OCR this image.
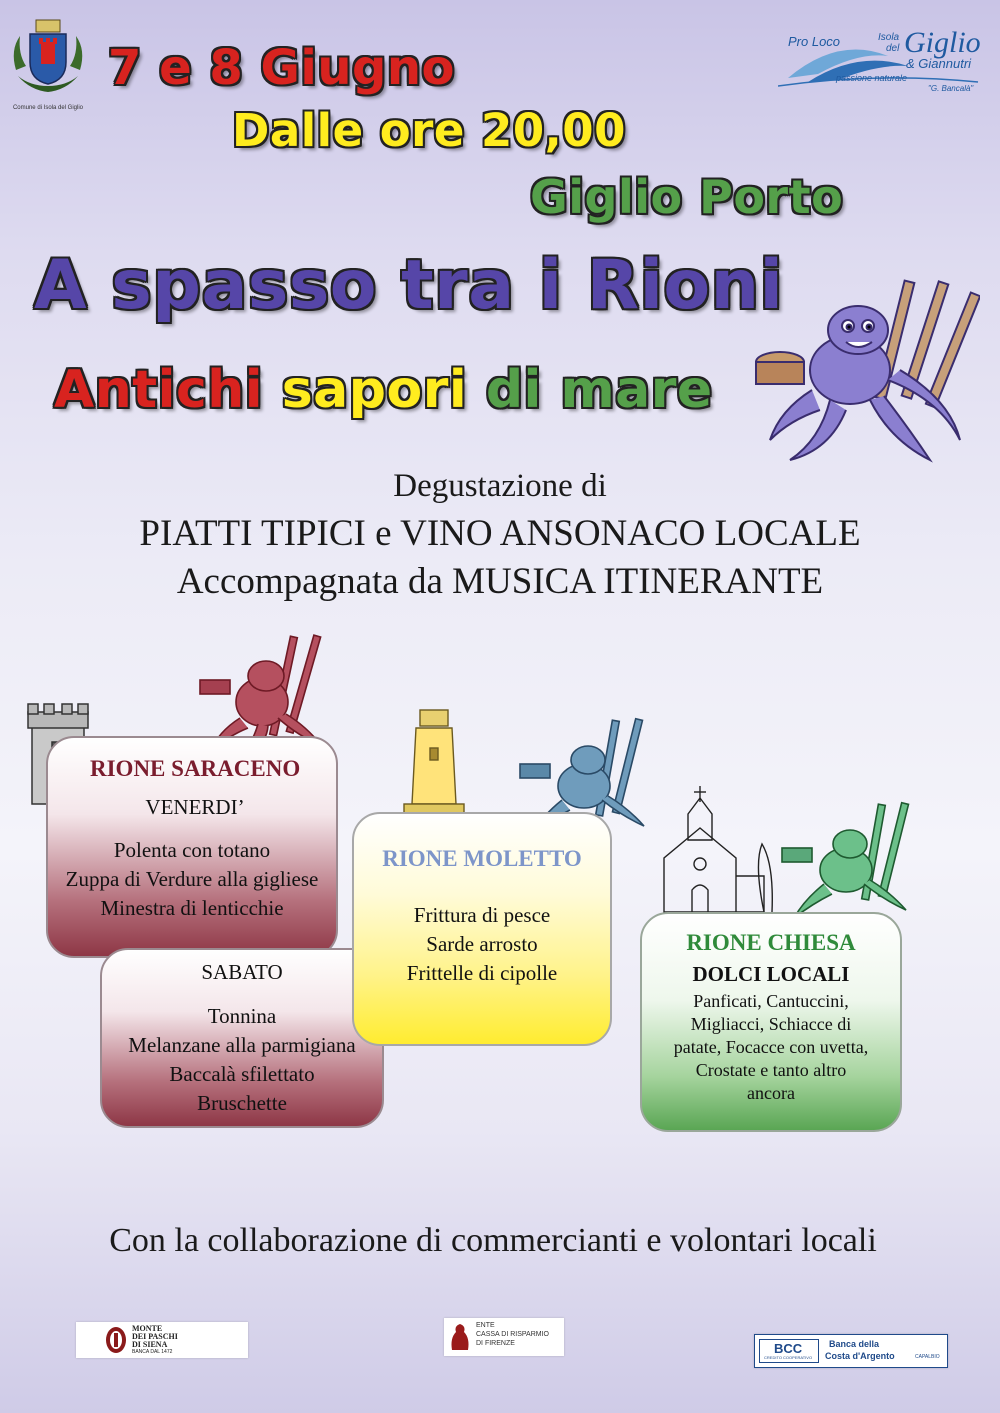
Comune di Isola del Giglio
Pro Loco	Isola
del Giglio
& Giannutri
passione naturale
"G. Bancalà"
7 e 8 Giugno
Dalle ore 20,00
Giglio Porto
A spasso tra i Rioni
Antichi sapori di mare
Degustazione di
PIATTI TIPICI e VINO ANSONACO LOCALE
Accompagnata da MUSICA ITINERANTE
RIONE SARACENO
VENERDI’
Polenta con totano
Zuppa di Verdure alla gigliese
Minestra di lenticchie
SABATO
Tonnina
Melanzane alla parmigiana
Baccalà sfilettato
Bruschette
RIONE MOLETTO
Frittura di pesce
Sarde arrosto
Frittelle di cipolle
RIONE CHIESA
DOLCI LOCALI
Panficati, Cantuccini,
Migliacci, Schiacce di
patate, Focacce con uvetta,
Crostate e tanto altro
ancora
Con la collaborazione di commercianti e volontari locali
MONTE
DEI PASCHI
DI SIENA
BANCA DAL 1472
ENTE
CASSA DI RISPARMIO
DI FIRENZE	BCC
CREDITO COOPERATIVO
Banca della
Costa d'Argento	CAPALBIO
